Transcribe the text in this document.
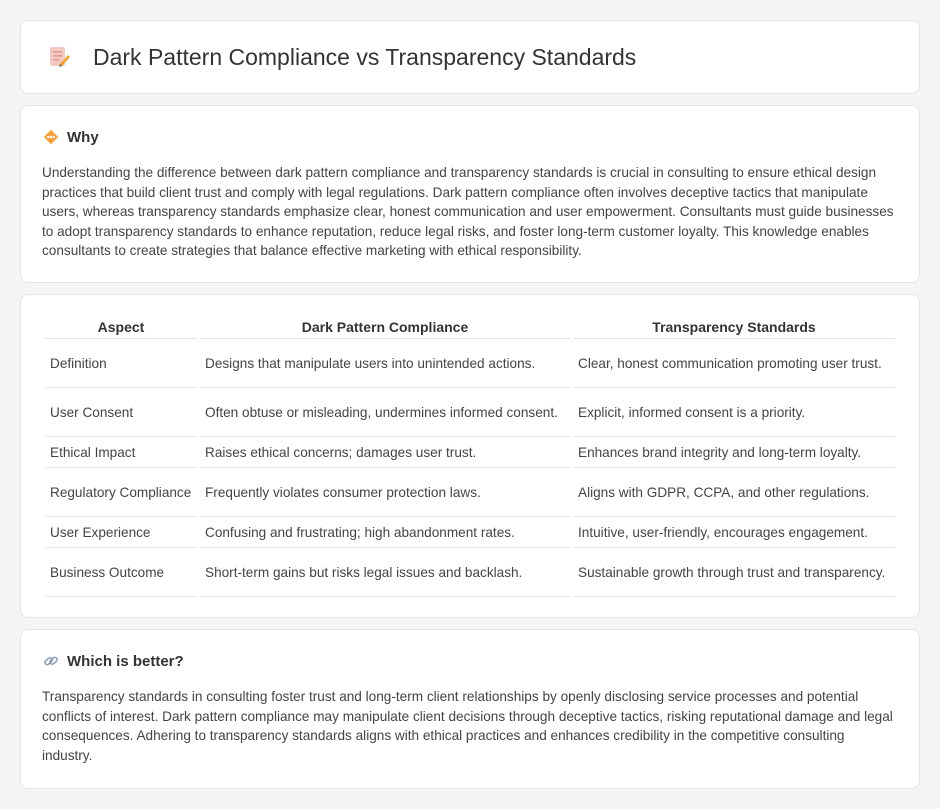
Dark Pattern Compliance vs Transparency Standards
Why

Understanding the difference between dark pattern compliance and transparency standards is crucial in consulting to ensure ethical design practices that build client trust and comply with legal regulations. Dark pattern compliance often involves deceptive tactics that manipulate users, whereas transparency standards emphasize clear, honest communication and user empowerment. Consultants must guide businesses to adopt transparency standards to enhance reputation, reduce legal risks, and foster long-term customer loyalty. This knowledge enables consultants to create strategies that balance effective marketing with ethical responsibility.

Aspect	Dark Pattern Compliance	Transparency Standards
Definition	Designs that manipulate users into unintended actions.	Clear, honest communication promoting user trust.
User Consent	Often obtuse or misleading, undermines informed consent.	Explicit, informed consent is a priority.
Ethical Impact	Raises ethical concerns; damages user trust.	Enhances brand integrity and long-term loyalty.
Regulatory Compliance	Frequently violates consumer protection laws.	Aligns with GDPR, CCPA, and other regulations.
User Experience	Confusing and frustrating; high abandonment rates.	Intuitive, user-friendly, encourages engagement.
Business Outcome	Short-term gains but risks legal issues and backlash.	Sustainable growth through trust and transparency.
Which is better?

Transparency standards in consulting foster trust and long-term client relationships by openly disclosing service processes and potential conflicts of interest. Dark pattern compliance may manipulate client decisions through deceptive tactics, risking reputational damage and legal consequences. Adhering to transparency standards aligns with ethical practices and enhances credibility in the competitive consulting industry.
